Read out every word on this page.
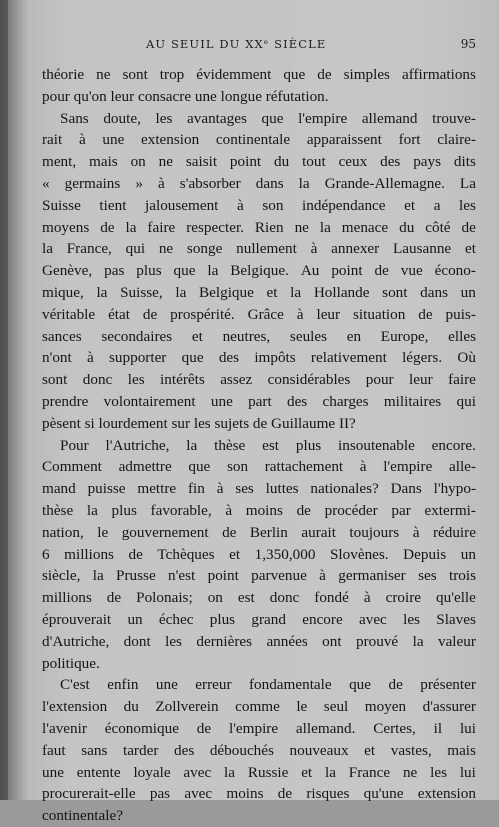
AU SEUIL DU XXᵉ SIÈCLE	95
théorie ne sont trop évidemment que de simples affirmations
pour qu'on leur consacre une longue réfutation.
Sans doute, les avantages que l'empire allemand trouve-
rait à une extension continentale apparaissent fort claire-
ment, mais on ne saisit point du tout ceux des pays dits
« germains » à s'absorber dans la Grande-Allemagne. La
Suisse tient jalousement à son indépendance et a les
moyens de la faire respecter. Rien ne la menace du côté de
la France, qui ne songe nullement à annexer Lausanne et
Genève, pas plus que la Belgique. Au point de vue écono-
mique, la Suisse, la Belgique et la Hollande sont dans un
véritable état de prospérité. Grâce à leur situation de puis-
sances secondaires et neutres, seules en Europe, elles
n'ont à supporter que des impôts relativement légers. Où
sont donc les intérêts assez considérables pour leur faire
prendre volontairement une part des charges militaires qui
pèsent si lourdement sur les sujets de Guillaume II?
Pour l'Autriche, la thèse est plus insoutenable encore.
Comment admettre que son rattachement à l'empire alle-
mand puisse mettre fin à ses luttes nationales? Dans l'hypo-
thèse la plus favorable, à moins de procéder par extermi-
nation, le gouvernement de Berlin aurait toujours à réduire
6 millions de Tchèques et 1,350,000 Slovènes. Depuis un
siècle, la Prusse n'est point parvenue à germaniser ses trois
millions de Polonais; on est donc fondé à croire qu'elle
éprouverait un échec plus grand encore avec les Slaves
d'Autriche, dont les dernières années ont prouvé la valeur
politique.
C'est enfin une erreur fondamentale que de présenter
l'extension du Zollverein comme le seul moyen d'assurer
l'avenir économique de l'empire allemand. Certes, il lui
faut sans tarder des débouchés nouveaux et vastes, mais
une entente loyale avec la Russie et la France ne les lui
procurerait-elle pas avec moins de risques qu'une extension
continentale?
